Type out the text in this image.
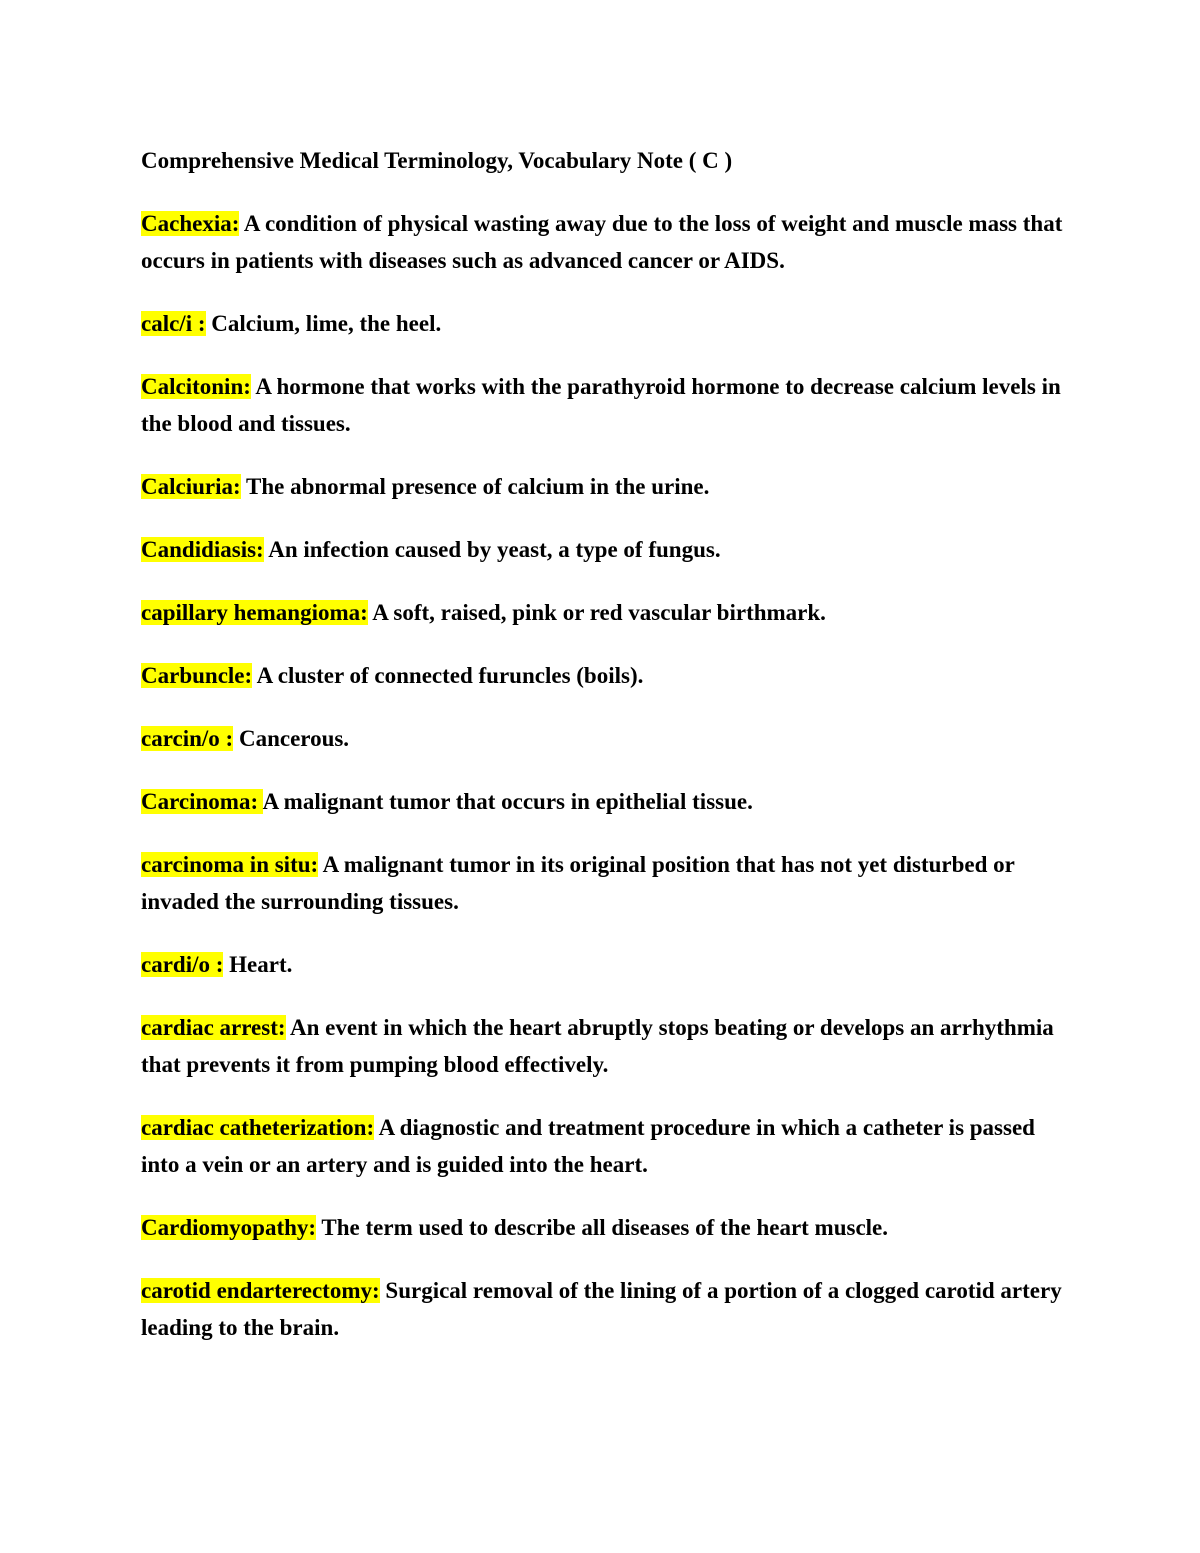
Comprehensive Medical Terminology, Vocabulary Note ( C )
Cachexia: A condition of physical wasting away due to the loss of weight and muscle mass that occurs in patients with diseases such as advanced cancer or AIDS.
calc/i : Calcium, lime, the heel.
Calcitonin: A hormone that works with the parathyroid hormone to decrease calcium levels in the blood and tissues.
Calciuria: The abnormal presence of calcium in the urine.
Candidiasis: An infection caused by yeast, a type of fungus.
capillary hemangioma: A soft, raised, pink or red vascular birthmark.
Carbuncle: A cluster of connected furuncles (boils).
carcin/o : Cancerous.
Carcinoma: A malignant tumor that occurs in epithelial tissue.
carcinoma in situ: A malignant tumor in its original position that has not yet disturbed or invaded the surrounding tissues.
cardi/o : Heart.
cardiac arrest: An event in which the heart abruptly stops beating or develops an arrhythmia that prevents it from pumping blood effectively.
cardiac catheterization: A diagnostic and treatment procedure in which a catheter is passed into a vein or an artery and is guided into the heart.
Cardiomyopathy: The term used to describe all diseases of the heart muscle.
carotid endarterectomy: Surgical removal of the lining of a portion of a clogged carotid artery leading to the brain.
